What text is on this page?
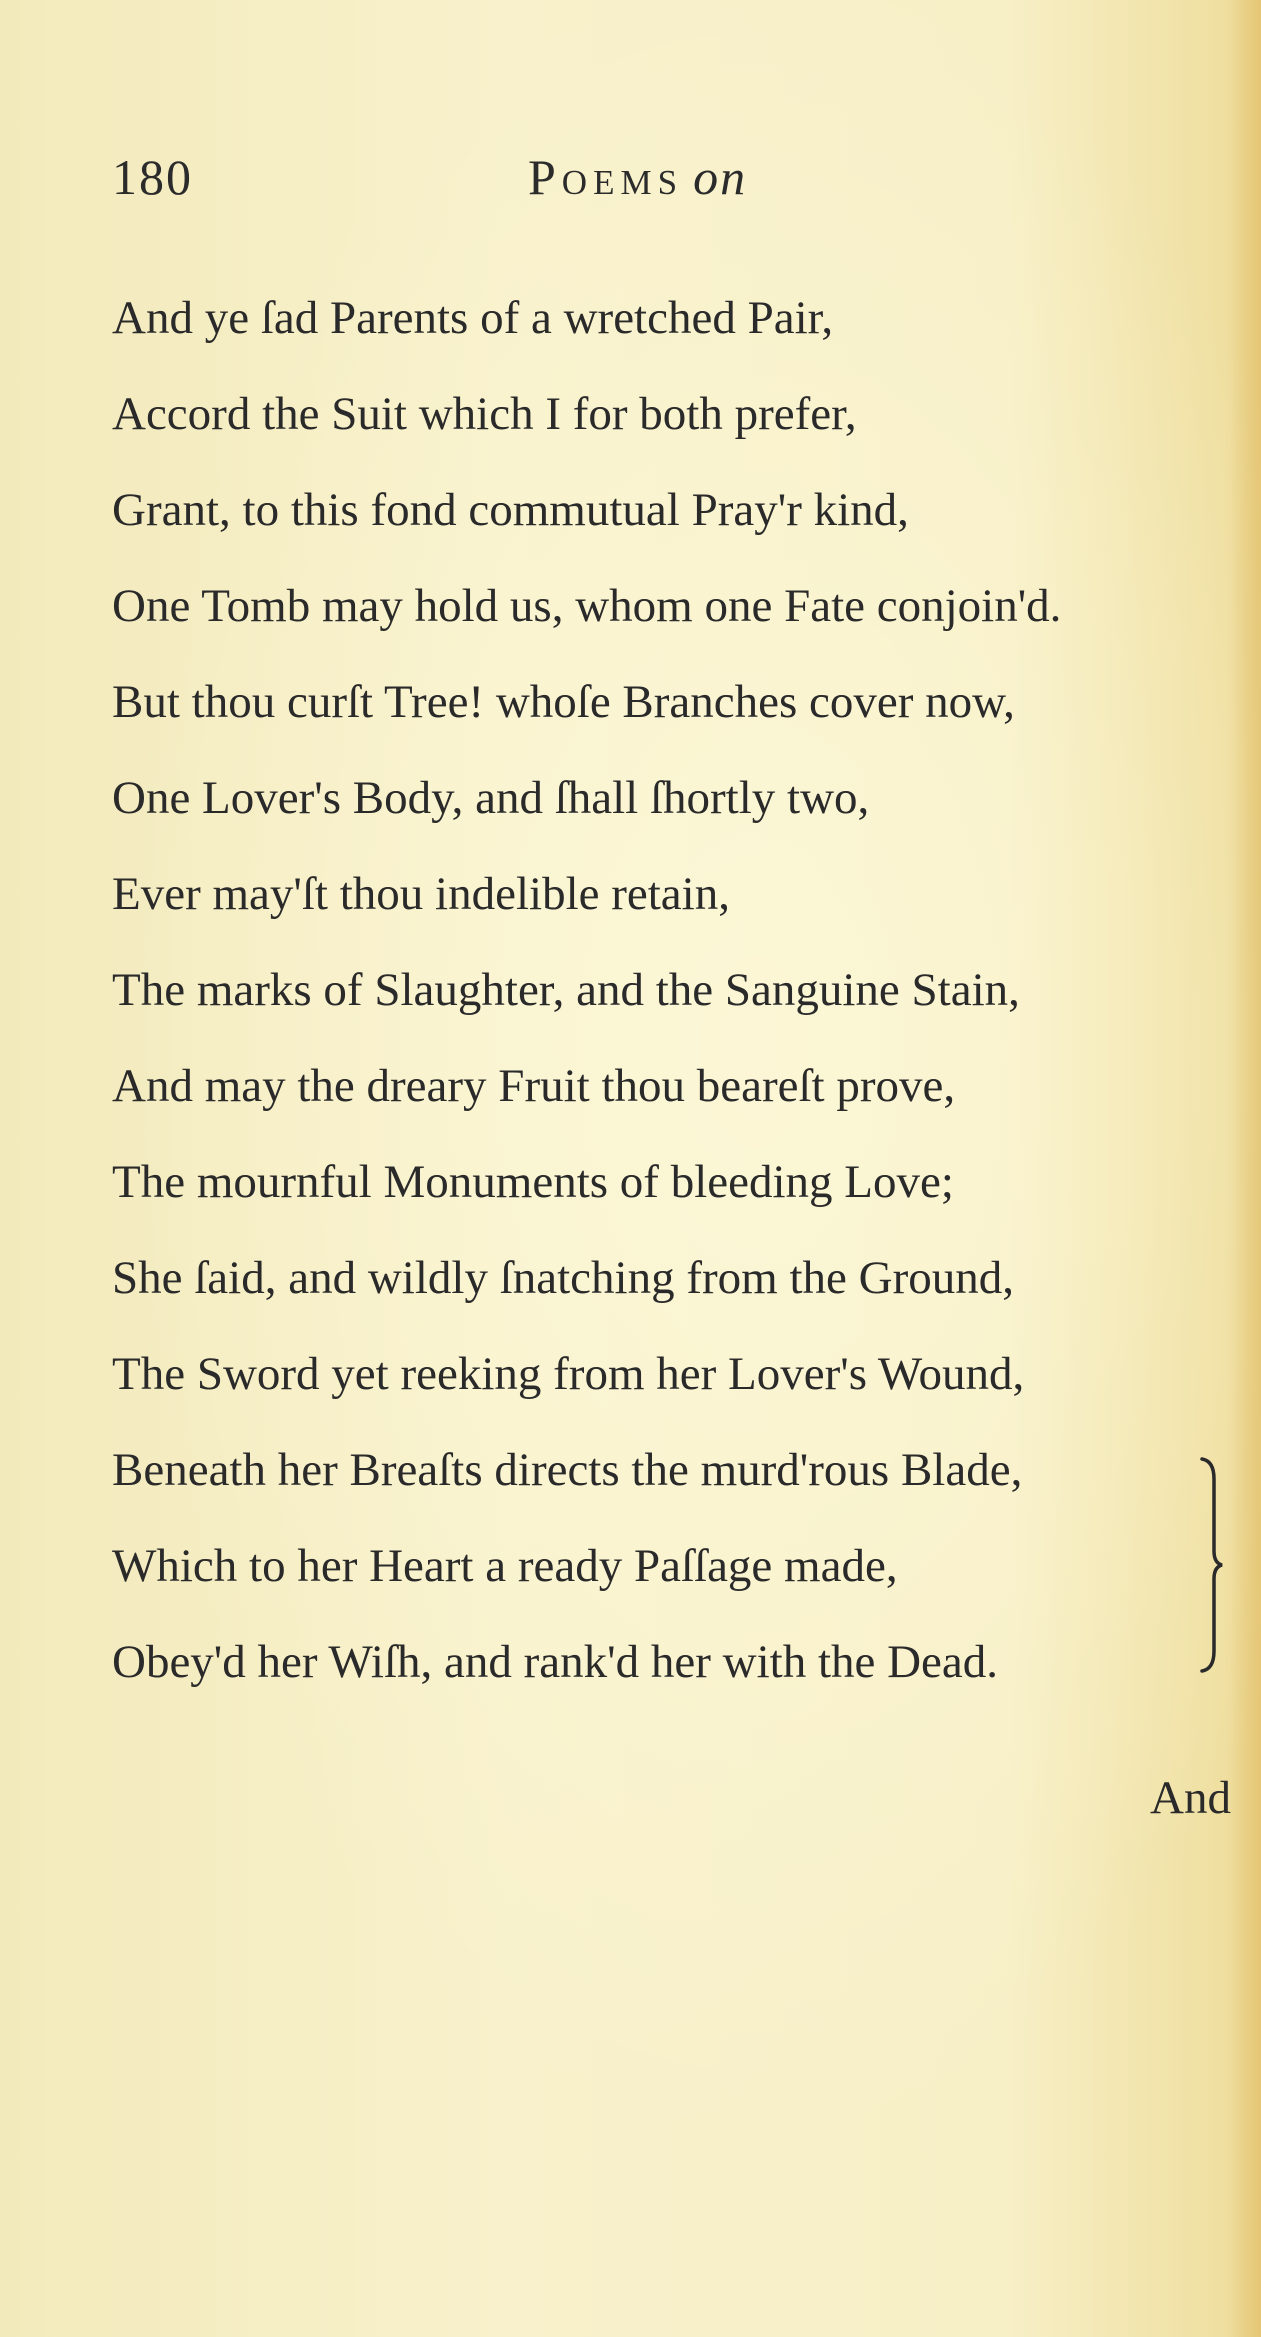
180	Poems on
And ye ſad Parents of a wretched Pair,
Accord the Suit which I for both prefer,
Grant, to this fond commutual Pray'r kind,
One Tomb may hold us, whom one Fate conjoin'd.
But thou curſt Tree! whoſe Branches cover now,
One Lover's Body, and ſhall ſhortly two,
Ever may'ſt thou indelible retain,
The marks of Slaughter, and the Sanguine Stain,
And may the dreary Fruit thou beareſt prove,
The mournful Monuments of bleeding Love;
She ſaid, and wildly ſnatching from the Ground,
The Sword yet reeking from her Lover's Wound,
Beneath her Breaſts directs the murd'rous Blade,
Which to her Heart a ready Paſſage made,
Obey'd her Wiſh, and rank'd her with the Dead.
And
